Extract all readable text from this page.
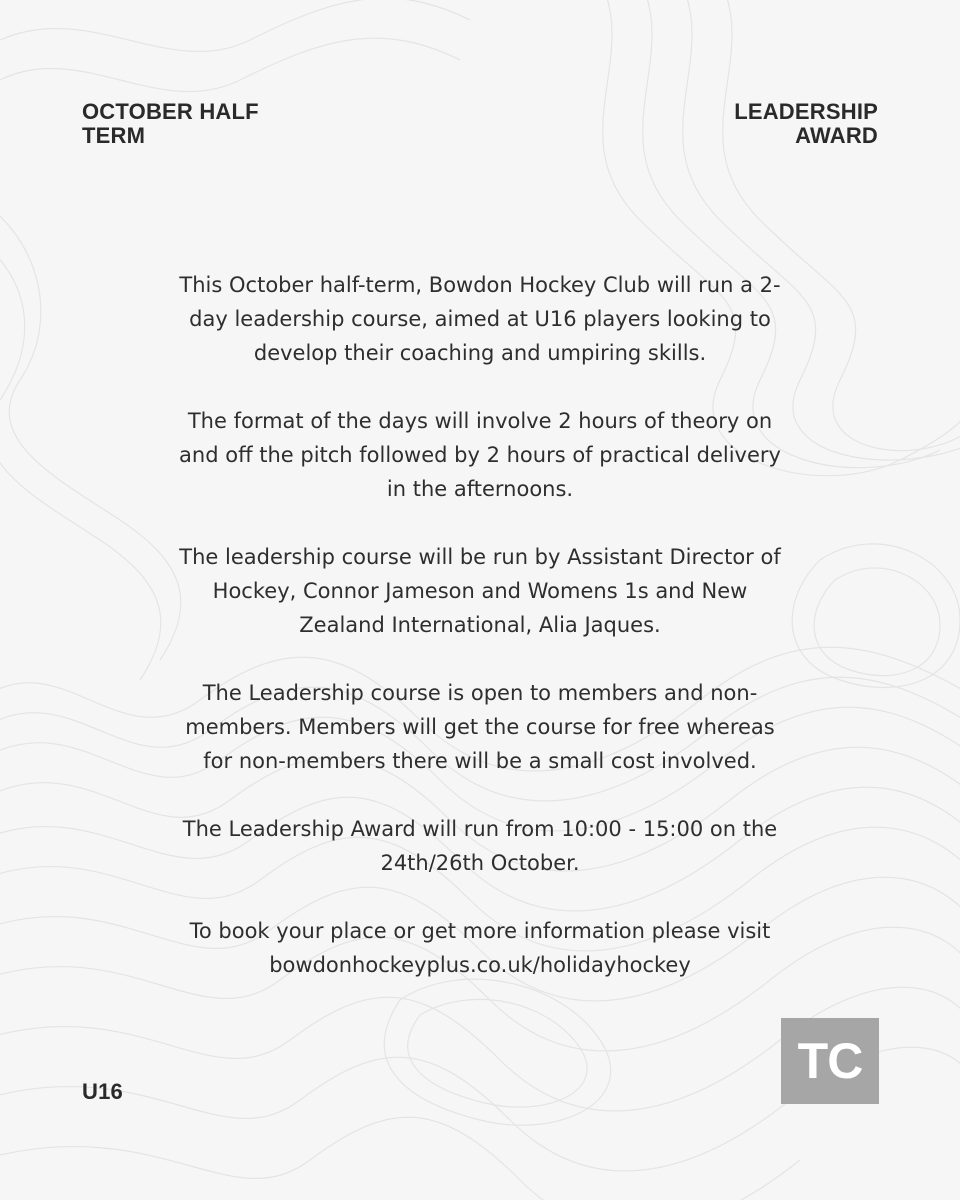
OCTOBER HALF
TERM
LEADERSHIP
AWARD

This October half-term, Bowdon Hockey Club will run a 2-
day leadership course, aimed at U16 players looking to
develop their coaching and umpiring skills.

The format of the days will involve 2 hours of theory on
and off the pitch followed by 2 hours of practical delivery
in the afternoons.

The leadership course will be run by Assistant Director of
Hockey, Connor Jameson and Womens 1s and New
Zealand International, Alia Jaques.

The Leadership course is open to members and non-
members. Members will get the course for free whereas
for non-members there will be a small cost involved.

The Leadership Award will run from 10:00 - 15:00 on the
24th/26th October.

To book your place or get more information please visit
bowdonhockeyplus.co.uk/holidayhockey

U16
TC
